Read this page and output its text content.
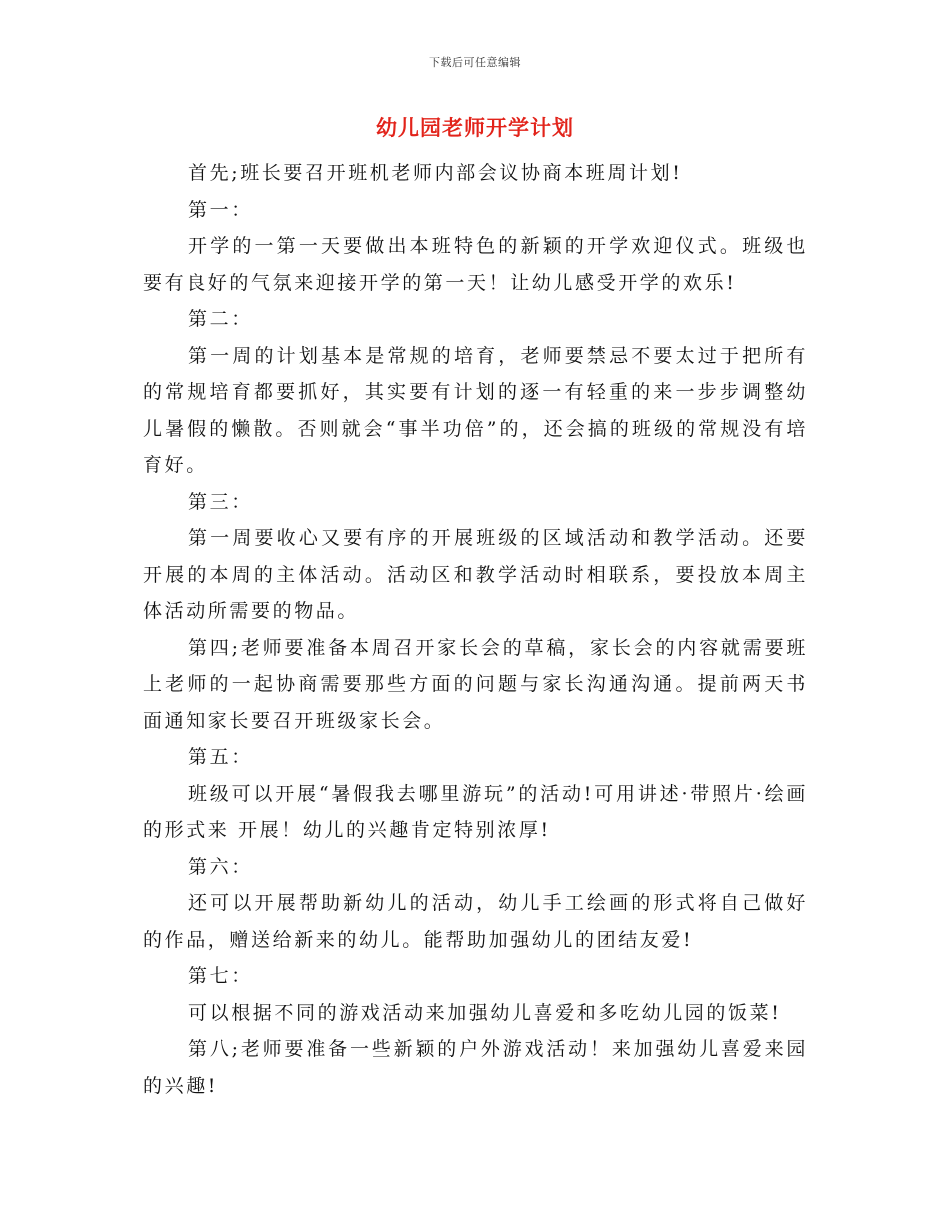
下载后可任意编辑
幼儿园老师开学计划

首先;班长要召开班机老师内部会议协商本班周计划!

第一：

开学的一第一天要做出本班特色的新颖的开学欢迎仪式。班级也要有良好的气氛来迎接开学的第一天！让幼儿感受开学的欢乐!

第二：

第一周的计划基本是常规的培育，老师要禁忌不要太过于把所有的常规培育都要抓好，其实要有计划的逐一有轻重的来一步步调整幼儿暑假的懒散。否则就会“事半功倍”的，还会搞的班级的常规没有培育好。

第三：

第一周要收心又要有序的开展班级的区域活动和教学活动。还要开展的本周的主体活动。活动区和教学活动时相联系，要投放本周主体活动所需要的物品。

第四;老师要准备本周召开家长会的草稿，家长会的内容就需要班上老师的一起协商需要那些方面的问题与家长沟通沟通。提前两天书面通知家长要召开班级家长会。

第五：

班级可以开展“暑假我去哪里游玩”的活动!可用讲述·带照片·绘画的形式来 开展！幼儿的兴趣肯定特别浓厚!

第六：

还可以开展帮助新幼儿的活动，幼儿手工绘画的形式将自己做好的作品，赠送给新来的幼儿。能帮助加强幼儿的团结友爱!

第七：

可以根据不同的游戏活动来加强幼儿喜爱和多吃幼儿园的饭菜!

第八;老师要准备一些新颖的户外游戏活动！来加强幼儿喜爱来园的兴趣!
